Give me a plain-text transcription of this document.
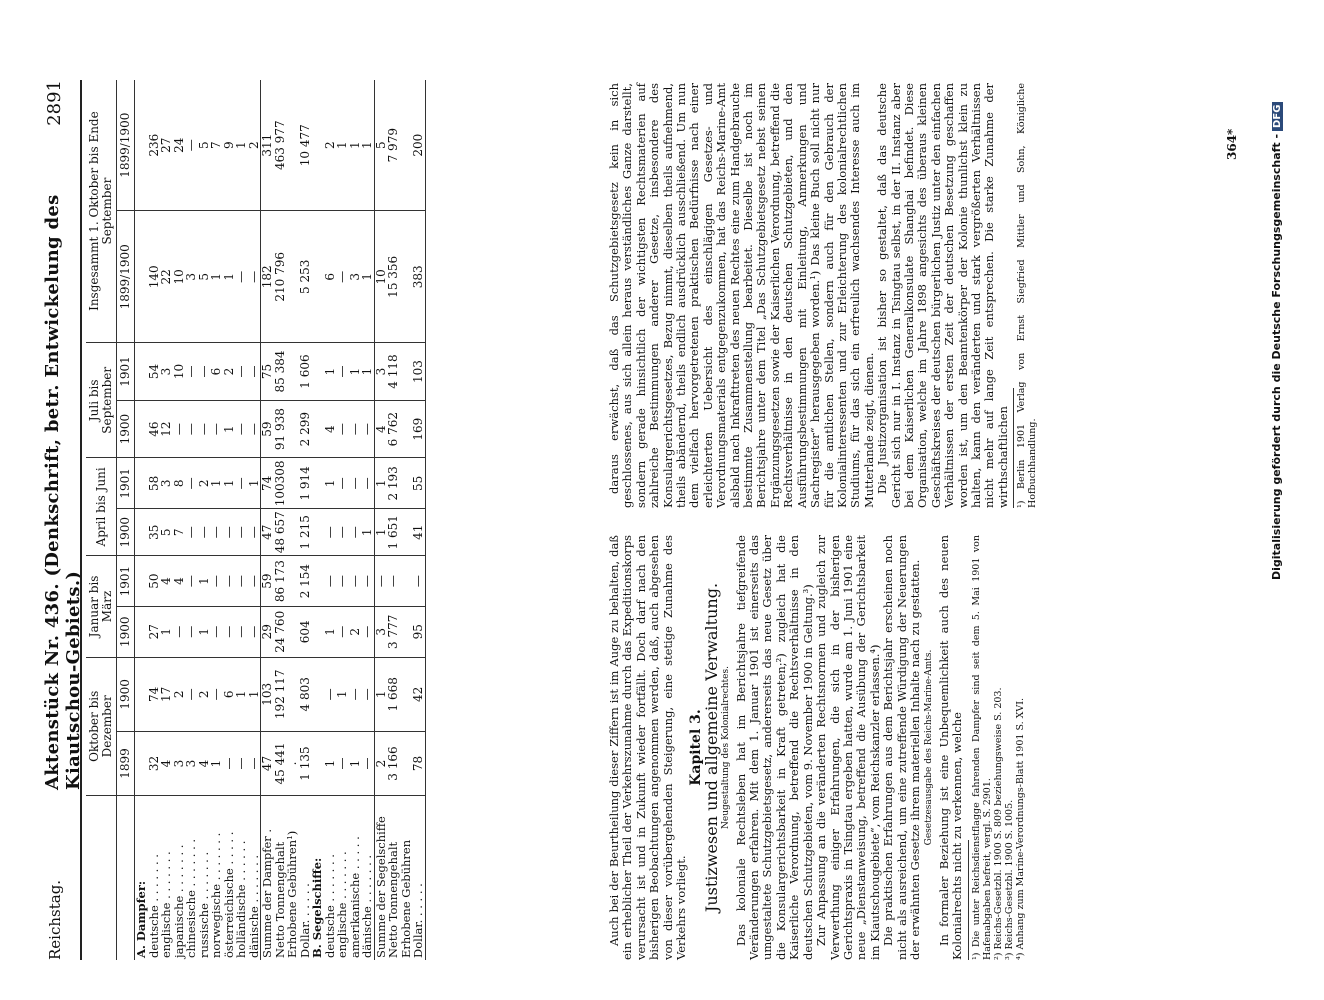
Reichstag.
Aktenstück Nr. 436. (Denkschrift, betr. Entwickelung des Kiautschou-Gebiets.)
2891
	Oktober bis Dezember		Januar bis März		April bis Juni		Juli bis September		Insgesammt 1. Oktober bis Ende September	
	1899	1900	1900	1901	1900	1901	1900	1901	1899/1900	1899/1900
A. Dampfer:										
deutsche . . . . . . .	32	74	27	50	35	58	46	54	140	236
englische . . . . . . .	4	17	1	4	5	3	12	3	22	27
japanische . . . . . . .	3	2	—	4	7	8	—	10	10	24
chinesische . . . . . . .	3	—	—	—	—	—	—	—	3	—
russische . . . . . . .	4	2	1	1	—	2	—	—	5	5
norwegische . . . . . . .	1	—	—	—	—	1	—	6	1	7
österreichische . . . . .	—	6	—	—	—	1	1	2	1	9
holländische . . . . . .	—	1	—	—	—	—	—	—	—	1
dänische . . . . . . .	—	1	—	—	—	1	—	—	—	2
Summe der Dampfer .	47	103	29	59	47	74	59	75	182	311
Netto Tonnengehalt	45 441	192 117	24 760	86 173	48 657	100308	91 938	85 384	210 796	463 977
Erhobene Gebühren¹)	.									
Dollar. . . . . .	1 135	4 803	604	2 154	1 215	1 914	2 299	1 606	5 253	10 477
B. Segelschiffe:										
deutsche . . . . . . .	1	—	1	—	—	1	4	1	6	2
englische . . . . . . .	—	1	—	—	—	—	—	—	—	1
amerikanische . . . . .	1	—	2	—	—	—	—	1	3	1
dänische . . . . . . .	—	—	—	—	1	—	—	1	1	1
Summe der Segelschiffe	2	1	3	—	1	1	4	3	10	5
Netto Tonnengehalt	3 166	1 668	3 777	—	1 651	2 193	6 762	4 118	15 356	7 979
Erhobene Gebühren										
Dollar. . . . . .	78	42	95	—	41	55	169	103	383	200

Auch bei der Beurtheilung dieser Ziffern ist im Auge zu behalten, daß ein erheblicher Theil der Verkehrszunahme durch das Expeditionskorps verursacht ist und in Zukunft wieder fortfällt. Doch darf nach den bisherigen Beobachtungen angenommen werden, daß, auch abgesehen von dieser vorübergehenden Steigerung, eine stetige Zunahme des Verkehrs vorliegt.

Kapitel 3.

Justizwesen und allgemeine Verwaltung. Neugestaltung des Kolonialrechtes. Das koloniale Rechtsleben hat im Berichtsjahre tiefgreifende Veränderungen erfahren. Mit dem 1. Januar 1901 ist einerseits das umgestaltete Schutzgebietsgesetz, andererseits das neue Gesetz über die Konsulargerichtsbarkeit in Kraft getreten;²) zugleich hat die Kaiserliche Verordnung, betreffend die Rechtsverhältnisse in den deutschen Schutzgebieten, vom 9. November 1900 in Geltung.³) Zur Anpassung an die veränderten Rechtsnormen und zugleich zur Verwerthung einiger Erfahrungen, die sich in der bisherigen Gerichtspraxis in Tsingtau ergeben hatten, wurde am 1. Juni 1901 eine neue „Dienstanweisung, betreffend die Ausübung der Gerichtsbarkeit im Kiautschougebiete“, vom Reichskanzler erlassen.⁴) Die praktischen Erfahrungen aus dem Berichtsjahr erscheinen noch nicht als ausreichend, um eine zutreffende Würdigung der Neuerungen der erwähnten Gesetze ihrem materiellen Inhalte nach zu gestatten. Gesetzesausgabe des Reichs-Marine-Amts. In formaler Beziehung ist eine Unbequemlichkeit auch des neuen Kolonialrechts nicht zu verkennen, welche ¹) Die unter Reichsdienstflagge fahrenden Dampfer sind seit dem 5. Mai 1901 von Hafenabgaben befreit, vergl. S. 2901. ²) Reichs-Gesetzbl. 1900 S. 809 beziehungsweise S. 203. ³) Reichs-Gesetzbl. 1900 S. 1005. ⁴) Anhang zum Marine-Verordnungs-Blatt 1901 S. XVI.

daraus erwächst, daß das Schutzgebietsgesetz kein in sich geschlossenes, aus sich allein heraus verständliches Ganze darstellt, sondern gerade hinsichtlich der wichtigsten Rechtsmaterien auf zahlreiche Bestimmungen anderer Gesetze, insbesondere des Konsulargerichtsgesetzes, Bezug nimmt, dieselben theils aufnehmend, theils abändernd, theils endlich ausdrücklich ausschließend. Um nun dem vielfach hervorgetretenen praktischen Bedürfnisse nach einer erleichterten Uebersicht des einschlägigen Gesetzes- und Verordnungsmaterials entgegenzukommen, hat das Reichs-Marine-Amt alsbald nach Inkrafttreten des neuen Rechtes eine zum Handgebrauche bestimmte Zusammenstellung bearbeitet. Dieselbe ist noch im Berichtsjahre unter dem Titel „Das Schutzgebietsgesetz nebst seinen Ergänzungsgesetzen sowie der Kaiserlichen Verordnung, betreffend die Rechtsverhältnisse in den deutschen Schutzgebieten, und den Ausführungsbestimmungen mit Einleitung, Anmerkungen und Sachregister“ herausgegeben worden.¹) Das kleine Buch soll nicht nur für die amtlichen Stellen, sondern auch für den Gebrauch der Kolonialinteressenten und zur Erleichterung des kolonialrechtlichen Studiums, für das sich ein erfreulich wachsendes Interesse auch im Mutterlande zeigt, dienen. Die Justizorganisation ist bisher so gestaltet, daß das deutsche Gericht sich nur in I. Instanz in Tsingtau selbst, in der II. Instanz aber bei dem Kaiserlichen Generalkonsulate Shanghai befindet. Diese Organisation, welche im Jahre 1898 angesichts des überaus kleinen Geschäftskreises der deutschen bürgerlichen Justiz unter den einfachen Verhältnissen der ersten Zeit der deutschen Besetzung geschaffen worden ist, um den Beamtenkörper der Kolonie thunlichst klein zu halten, kann den veränderten und stark vergrößerten Verhältnissen nicht mehr auf lange Zeit entsprechen. Die starke Zunahme der wirthschaftlichen ¹) Berlin 1901 Verlag von Ernst Siegfried Mittler und Sohn, Königliche Hofbuchhandlung.

364*	Digitalisierung gefördert durch die Deutsche Forschungsgemeinschaft -DFG
